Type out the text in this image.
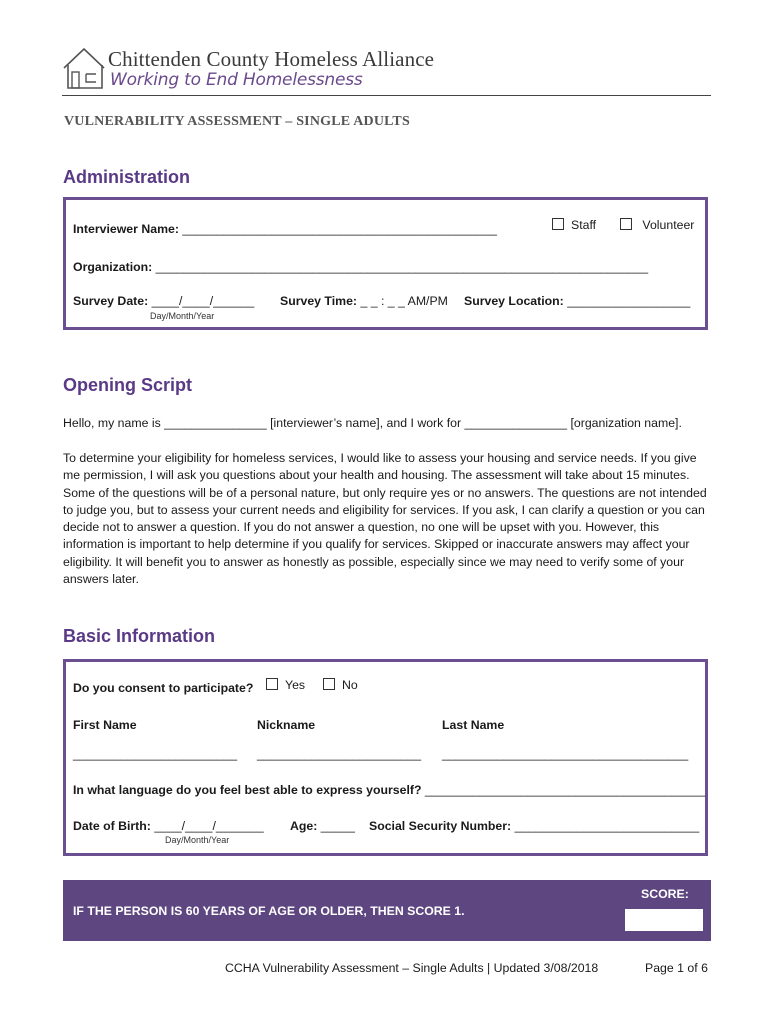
Chittenden County Homeless Alliance
Working to End Homelessness
VULNERABILITY ASSESSMENT – SINGLE ADULTS
Administration
Interviewer Name: ______________________________________________	Staff	Volunteer
Organization: ________________________________________________________________________
Survey Date: ____/____/______
Day/Month/Year
Survey Time: _ _ : _ _ AM/PM Survey Location: __________________
Opening Script
Hello, my name is _______________ [interviewer’s name], and I work for _______________ [organization name].
To determine your eligibility for homeless services, I would like to assess your housing and service needs. If you give me permission, I will ask you questions about your health and housing. The assessment will take about 15 minutes. Some of the questions will be of a personal nature, but only require yes or no answers. The questions are not intended to judge you, but to assess your current needs and eligibility for services. If you ask, I can clarify a question or you can decide not to answer a question. If you do not answer a question, no one will be upset with you. However, this information is important to help determine if you qualify for services. Skipped or inaccurate answers may affect your eligibility. It will benefit you to answer as honestly as possible, especially since we may need to verify some of your answers later.
Basic Information
Do you consent to participate?	Yes	No
First Name	Nickname	Last Name
________________________ ________________________ ____________________________________
In what language do you feel best able to express yourself? _________________________________________
Date of Birth: ____/____/_______
Day/Month/Year
Age: _____ Social Security Number: ___________________________
IF THE PERSON IS 60 YEARS OF AGE OR OLDER, THEN SCORE 1.
SCORE:
CCHA Vulnerability Assessment – Single Adults | Updated 3/08/2018	Page 1 of 6
